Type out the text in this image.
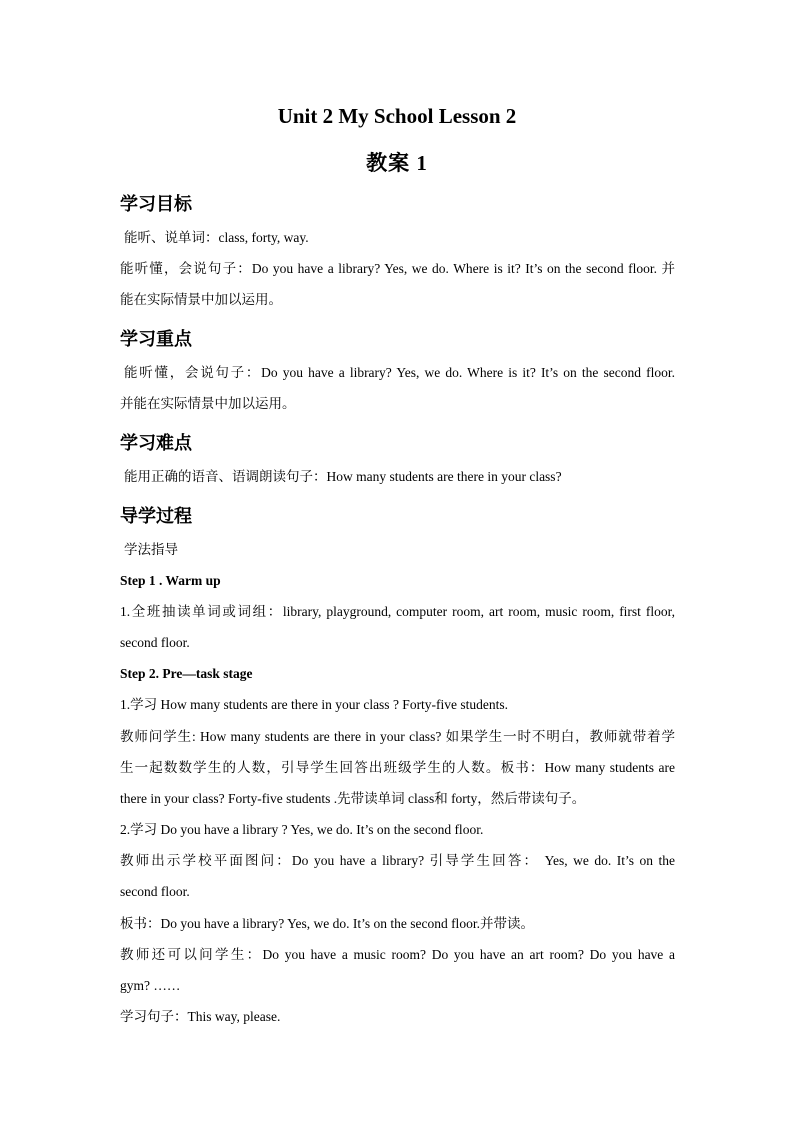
Unit 2 My School Lesson 2
教案 1
学习目标
能听、说单词：class, forty, way.
能听懂，会说句子：Do you have a library? Yes, we do. Where is it? It’s on the second floor. 并
能在实际情景中加以运用。
学习重点
能听懂，会说句子：Do you have a library? Yes, we do. Where is it? It’s on the second floor.
并能在实际情景中加以运用。
学习难点
能用正确的语音、语调朗读句子：How many students are there in your class?
导学过程
学法指导
Step 1 . Warm up
1.全班抽读单词或词组：library, playground, computer room, art room, music room, first floor,
second floor.
Step 2. Pre—task stage
1.学习 How many students are there in your class ? Forty-five students.
教师问学生: How many students are there in your class? 如果学生一时不明白，教师就带着学
生一起数数学生的人数，引导学生回答出班级学生的人数。板书：How many students are
there in your class? Forty-five students .先带读单词 class和 forty，然后带读句子。
2.学习 Do you have a library ? Yes, we do. It’s on the second floor.
教师出示学校平面图问：Do you have a library? 引导学生回答： Yes, we do. It’s on the
second floor.
板书：Do you have a library? Yes, we do. It’s on the second floor.并带读。
教师还可以问学生：Do you have a music room? Do you have an art room? Do you have a
gym? ……
学习句子：This way, please.
